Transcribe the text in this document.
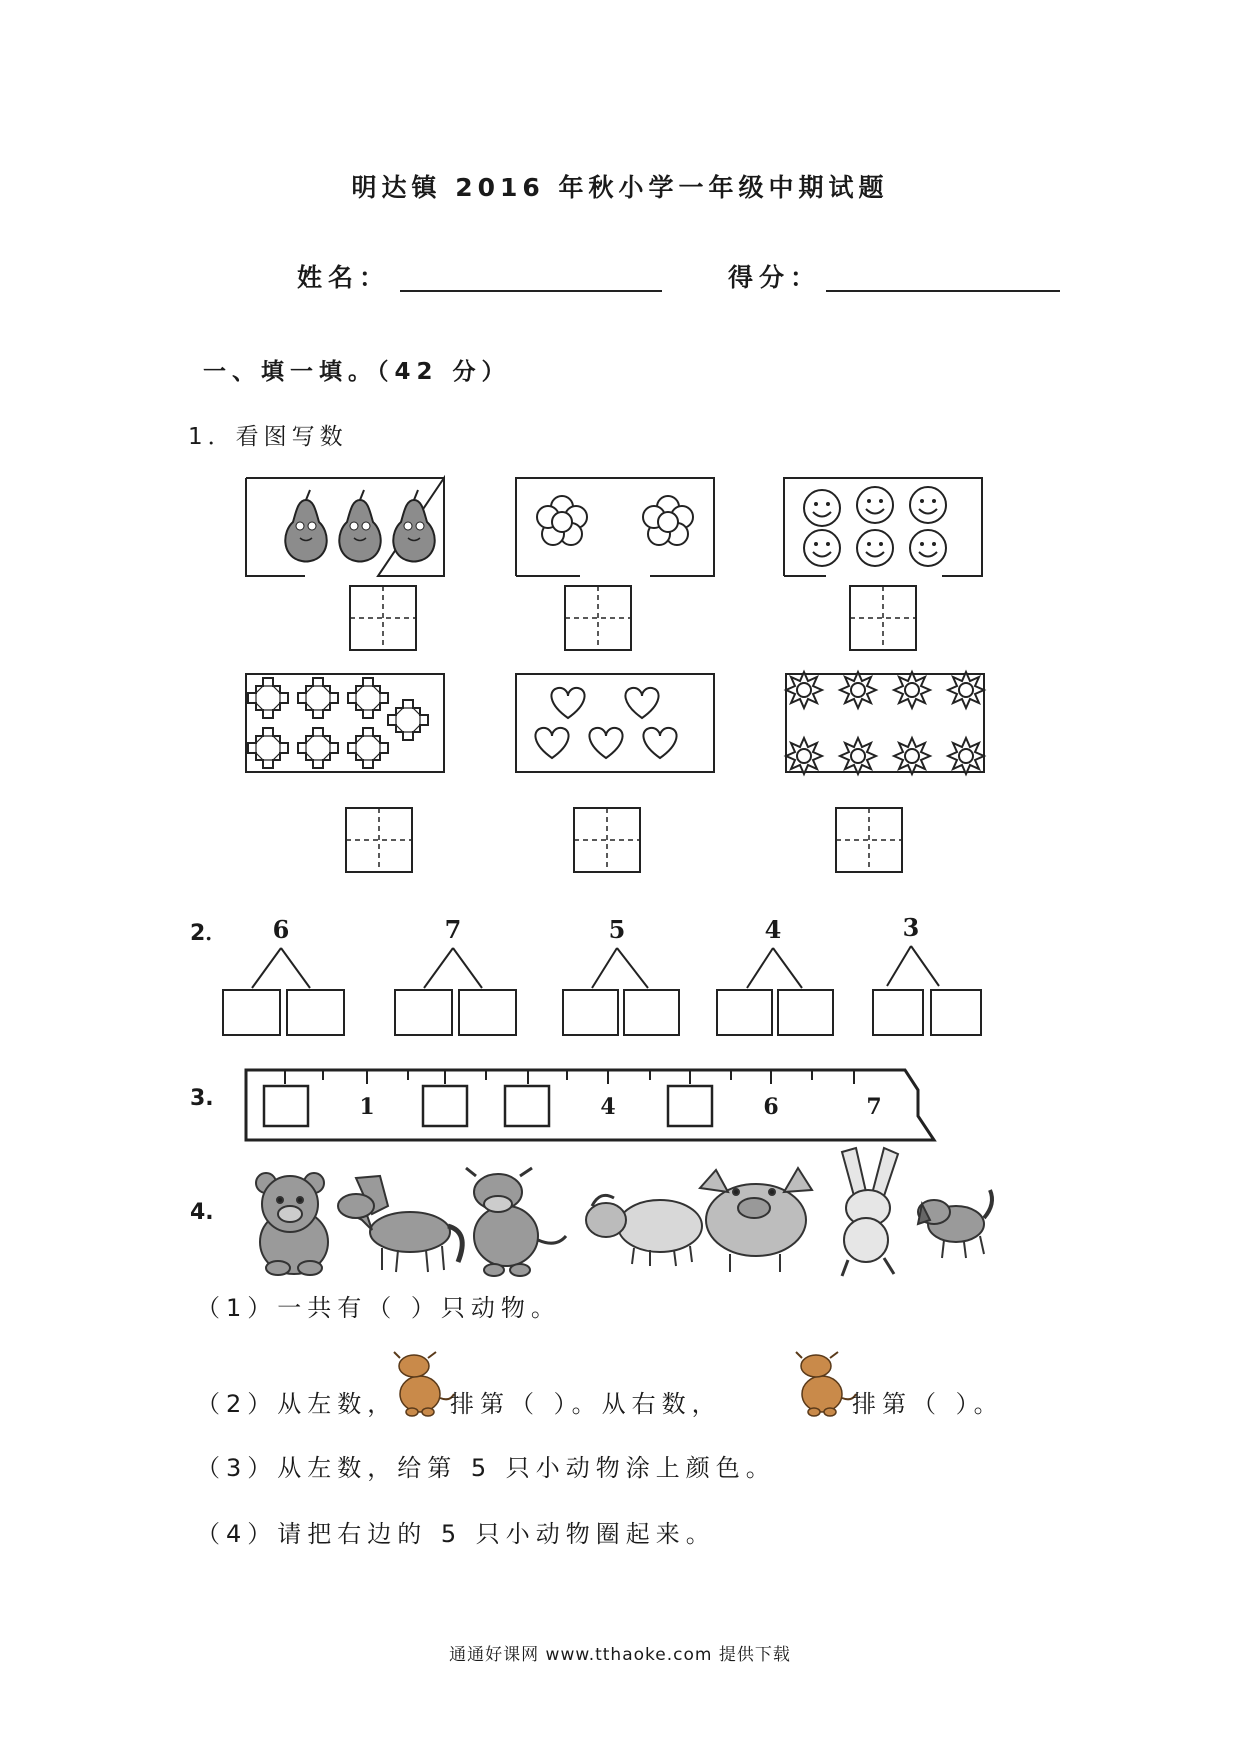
明达镇 2016 年秋小学一年级中期试题
姓名：	得分：
一、填一填。（42 分）
1．看图写数
2． 6	7	5	4	3
3.	1	4	6	7
4.
（1）一共有（ ）只动物。
（2）从左数， 排第（ ）。从右数，	排第（ ）。
（3）从左数，给第 5 只小动物涂上颜色。
（4）请把右边的 5 只小动物圈起来。
通通好课网 www.tthaoke.com 提供下载
